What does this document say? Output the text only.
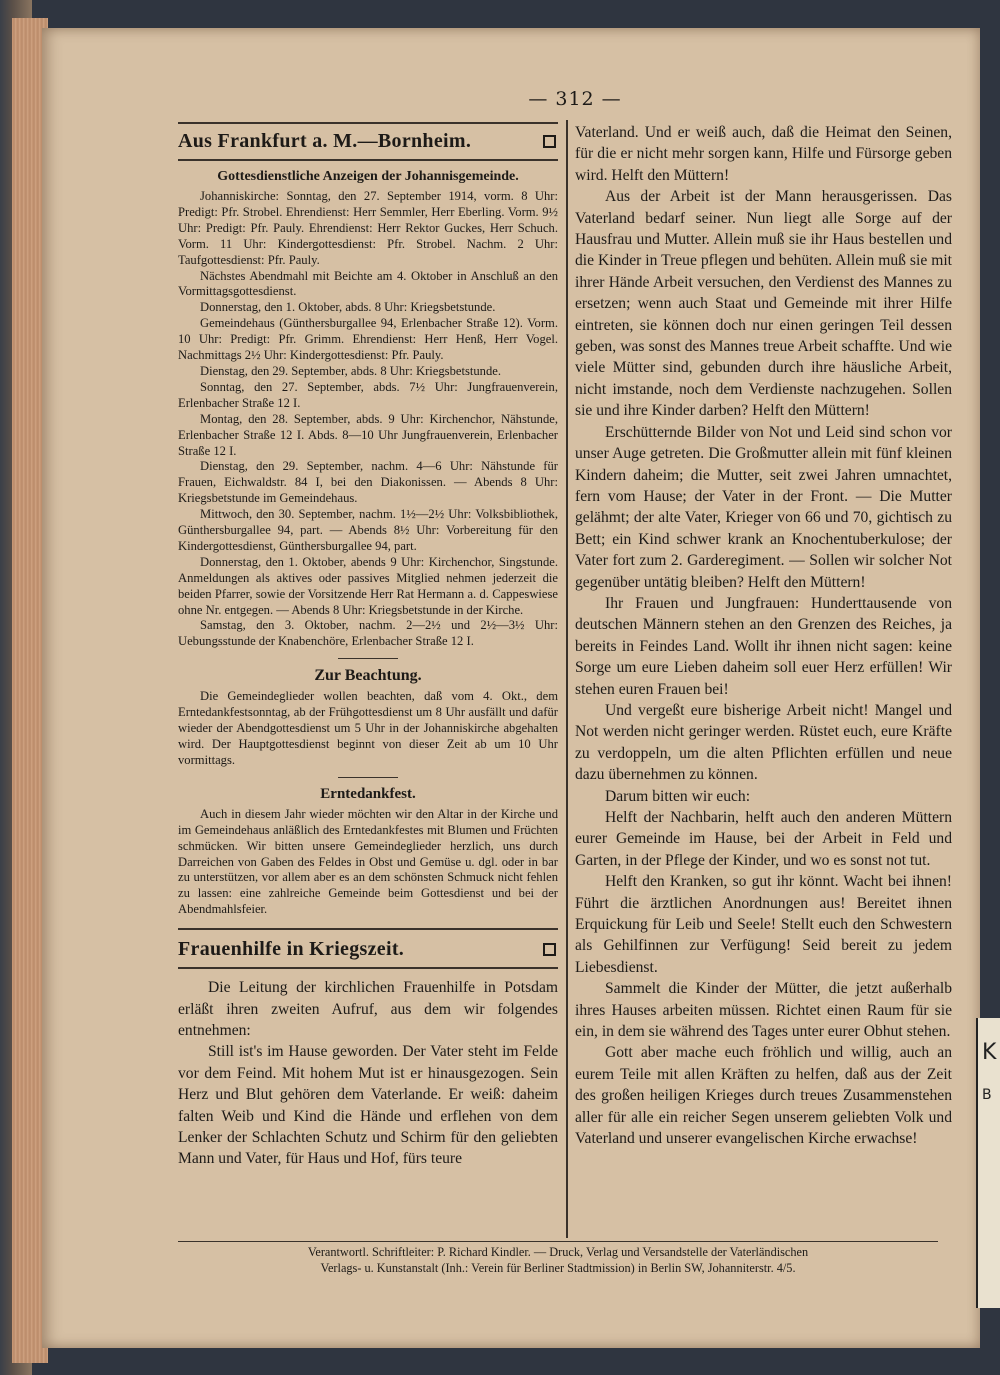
K
B
— 312 —
Aus Frankfurt a. M.—Bornheim.
Gottesdienstliche Anzeigen der Johannisgemeinde.

Johanniskirche: Sonntag, den 27. September 1914, vorm. 8 Uhr: Predigt: Pfr. Strobel. Ehrendienst: Herr Semmler, Herr Eberling. Vorm. 9½ Uhr: Predigt: Pfr. Pauly. Ehrendienst: Herr Rektor Guckes, Herr Schuch. Vorm. 11 Uhr: Kindergottesdienst: Pfr. Strobel. Nachm. 2 Uhr: Taufgottesdienst: Pfr. Pauly.

Nächstes Abendmahl mit Beichte am 4. Oktober in Anschluß an den Vormittagsgottesdienst.

Donnerstag, den 1. Oktober, abds. 8 Uhr: Kriegsbetstunde.

Gemeindehaus (Günthersburgallee 94, Erlenbacher Straße 12). Vorm. 10 Uhr: Predigt: Pfr. Grimm. Ehrendienst: Herr Henß, Herr Vogel. Nachmittags 2½ Uhr: Kindergottesdienst: Pfr. Pauly.

Dienstag, den 29. September, abds. 8 Uhr: Kriegsbetstunde.

Sonntag, den 27. September, abds. 7½ Uhr: Jungfrauenverein, Erlenbacher Straße 12 I.

Montag, den 28. September, abds. 9 Uhr: Kirchenchor, Nähstunde, Erlenbacher Straße 12 I. Abds. 8—10 Uhr Jungfrauenverein, Erlenbacher Straße 12 I.

Dienstag, den 29. September, nachm. 4—6 Uhr: Nähstunde für Frauen, Eichwaldstr. 84 I, bei den Diakonissen. — Abends 8 Uhr: Kriegsbetstunde im Gemeindehaus.

Mittwoch, den 30. September, nachm. 1½—2½ Uhr: Volksbibliothek, Günthersburgallee 94, part. — Abends 8½ Uhr: Vorbereitung für den Kindergottesdienst, Günthersburgallee 94, part.

Donnerstag, den 1. Oktober, abends 9 Uhr: Kirchenchor, Singstunde. Anmeldungen als aktives oder passives Mitglied nehmen jederzeit die beiden Pfarrer, sowie der Vorsitzende Herr Rat Hermann a. d. Cappeswiese ohne Nr. entgegen. — Abends 8 Uhr: Kriegsbetstunde in der Kirche.

Samstag, den 3. Oktober, nachm. 2—2½ und 2½—3½ Uhr: Uebungsstunde der Knabenchöre, Erlenbacher Straße 12 I.

Zur Beachtung.

Die Gemeindeglieder wollen beachten, daß vom 4. Okt., dem Erntedankfestsonntag, ab der Frühgottesdienst um 8 Uhr ausfällt und dafür wieder der Abendgottesdienst um 5 Uhr in der Johanniskirche abgehalten wird. Der Hauptgottesdienst beginnt von dieser Zeit ab um 10 Uhr vormittags.

Erntedankfest.

Auch in diesem Jahr wieder möchten wir den Altar in der Kirche und im Gemeindehaus anläßlich des Erntedankfestes mit Blumen und Früchten schmücken. Wir bitten unsere Gemeindeglieder herzlich, uns durch Darreichen von Gaben des Feldes in Obst und Gemüse u. dgl. oder in bar zu unterstützen, vor allem aber es an dem schönsten Schmuck nicht fehlen zu lassen: eine zahlreiche Gemeinde beim Gottesdienst und bei der Abendmahlsfeier.

Frauenhilfe in Kriegszeit.

Die Leitung der kirchlichen Frauenhilfe in Potsdam erläßt ihren zweiten Aufruf, aus dem wir folgendes entnehmen:

Still ist's im Hause geworden. Der Vater steht im Felde vor dem Feind. Mit hohem Mut ist er hinausgezogen. Sein Herz und Blut gehören dem Vaterlande. Er weiß: daheim falten Weib und Kind die Hände und erflehen von dem Lenker der Schlachten Schutz und Schirm für den geliebten Mann und Vater, für Haus und Hof, fürs teure

Vaterland. Und er weiß auch, daß die Heimat den Seinen, für die er nicht mehr sorgen kann, Hilfe und Fürsorge geben wird. Helft den Müttern!

Aus der Arbeit ist der Mann herausgerissen. Das Vaterland bedarf seiner. Nun liegt alle Sorge auf der Hausfrau und Mutter. Allein muß sie ihr Haus bestellen und die Kinder in Treue pflegen und behüten. Allein muß sie mit ihrer Hände Arbeit versuchen, den Verdienst des Mannes zu ersetzen; wenn auch Staat und Gemeinde mit ihrer Hilfe eintreten, sie können doch nur einen geringen Teil dessen geben, was sonst des Mannes treue Arbeit schaffte. Und wie viele Mütter sind, gebunden durch ihre häusliche Arbeit, nicht imstande, noch dem Verdienste nachzugehen. Sollen sie und ihre Kinder darben? Helft den Müttern!

Erschütternde Bilder von Not und Leid sind schon vor unser Auge getreten. Die Großmutter allein mit fünf kleinen Kindern daheim; die Mutter, seit zwei Jahren umnachtet, fern vom Hause; der Vater in der Front. — Die Mutter gelähmt; der alte Vater, Krieger von 66 und 70, gichtisch zu Bett; ein Kind schwer krank an Knochentuberkulose; der Vater fort zum 2. Garderegiment. — Sollen wir solcher Not gegenüber untätig bleiben? Helft den Müttern!

Ihr Frauen und Jungfrauen: Hunderttausende von deutschen Männern stehen an den Grenzen des Reiches, ja bereits in Feindes Land. Wollt ihr ihnen nicht sagen: keine Sorge um eure Lieben daheim soll euer Herz erfüllen! Wir stehen euren Frauen bei!

Und vergeßt eure bisherige Arbeit nicht! Mangel und Not werden nicht geringer werden. Rüstet euch, eure Kräfte zu verdoppeln, um die alten Pflichten erfüllen und neue dazu übernehmen zu können.

Darum bitten wir euch:

Helft der Nachbarin, helft auch den anderen Müttern eurer Gemeinde im Hause, bei der Arbeit in Feld und Garten, in der Pflege der Kinder, und wo es sonst not tut.

Helft den Kranken, so gut ihr könnt. Wacht bei ihnen! Führt die ärztlichen Anordnungen aus! Bereitet ihnen Erquickung für Leib und Seele! Stellt euch den Schwestern als Gehilfinnen zur Verfügung! Seid bereit zu jedem Liebesdienst.

Sammelt die Kinder der Mütter, die jetzt außerhalb ihres Hauses arbeiten müssen. Richtet einen Raum für sie ein, in dem sie während des Tages unter eurer Obhut stehen.

Gott aber mache euch fröhlich und willig, auch an eurem Teile mit allen Kräften zu helfen, daß aus der Zeit des großen heiligen Krieges durch treues Zusammenstehen aller für alle ein reicher Segen unserem geliebten Volk und Vaterland und unserer evangelischen Kirche erwachse!

Verantwortl. Schriftleiter: P. Richard Kindler. — Druck, Verlag und Versandstelle der Vaterländischen
Verlags- u. Kunstanstalt (Inh.: Verein für Berliner Stadtmission) in Berlin SW, Johanniterstr. 4/5.
